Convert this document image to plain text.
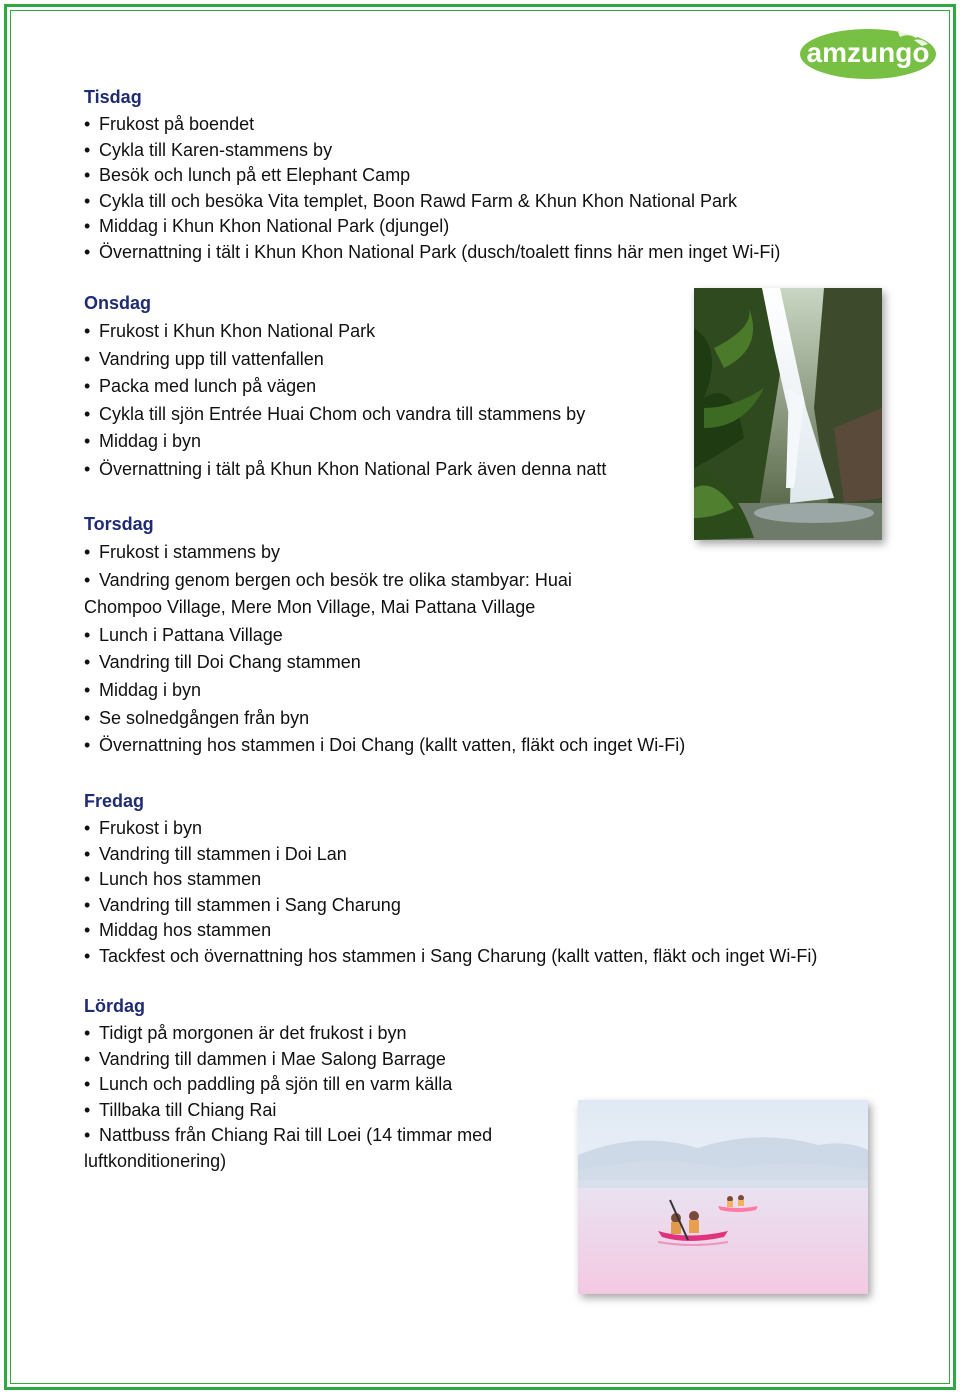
amzungo
Tisdag
• Frukost på boendet
• Cykla till Karen-stammens by
• Besök och lunch på ett Elephant Camp
• Cykla till och besöka Vita templet, Boon Rawd Farm & Khun Khon National Park
• Middag i Khun Khon National Park (djungel)
• Övernattning i tält i Khun Khon National Park (dusch/toalett finns här men inget Wi-Fi)
Onsdag
• Frukost i Khun Khon National Park
• Vandring upp till vattenfallen
• Packa med lunch på vägen
• Cykla till sjön Entrée Huai Chom och vandra till stammens by
• Middag i byn
• Övernattning i tält på Khun Khon National Park även denna natt
Torsdag
• Frukost i stammens by
• Vandring genom bergen och besök tre olika stambyar: Huai Chompoo Village, Mere Mon Village, Mai Pattana Village
• Lunch i Pattana Village
• Vandring till Doi Chang stammen
• Middag i byn
• Se solnedgången från byn
• Övernattning hos stammen i Doi Chang (kallt vatten, fläkt och inget Wi-Fi)
Fredag
• Frukost i byn
• Vandring till stammen i Doi Lan
• Lunch hos stammen
• Vandring till stammen i Sang Charung
• Middag hos stammen
• Tackfest och övernattning hos stammen i Sang Charung (kallt vatten, fläkt och inget Wi-Fi)
Lördag
• Tidigt på morgonen är det frukost i byn
• Vandring till dammen i Mae Salong Barrage
• Lunch och paddling på sjön till en varm källa
• Tillbaka till Chiang Rai
• Nattbuss från Chiang Rai till Loei (14 timmar med luftkonditionering)
